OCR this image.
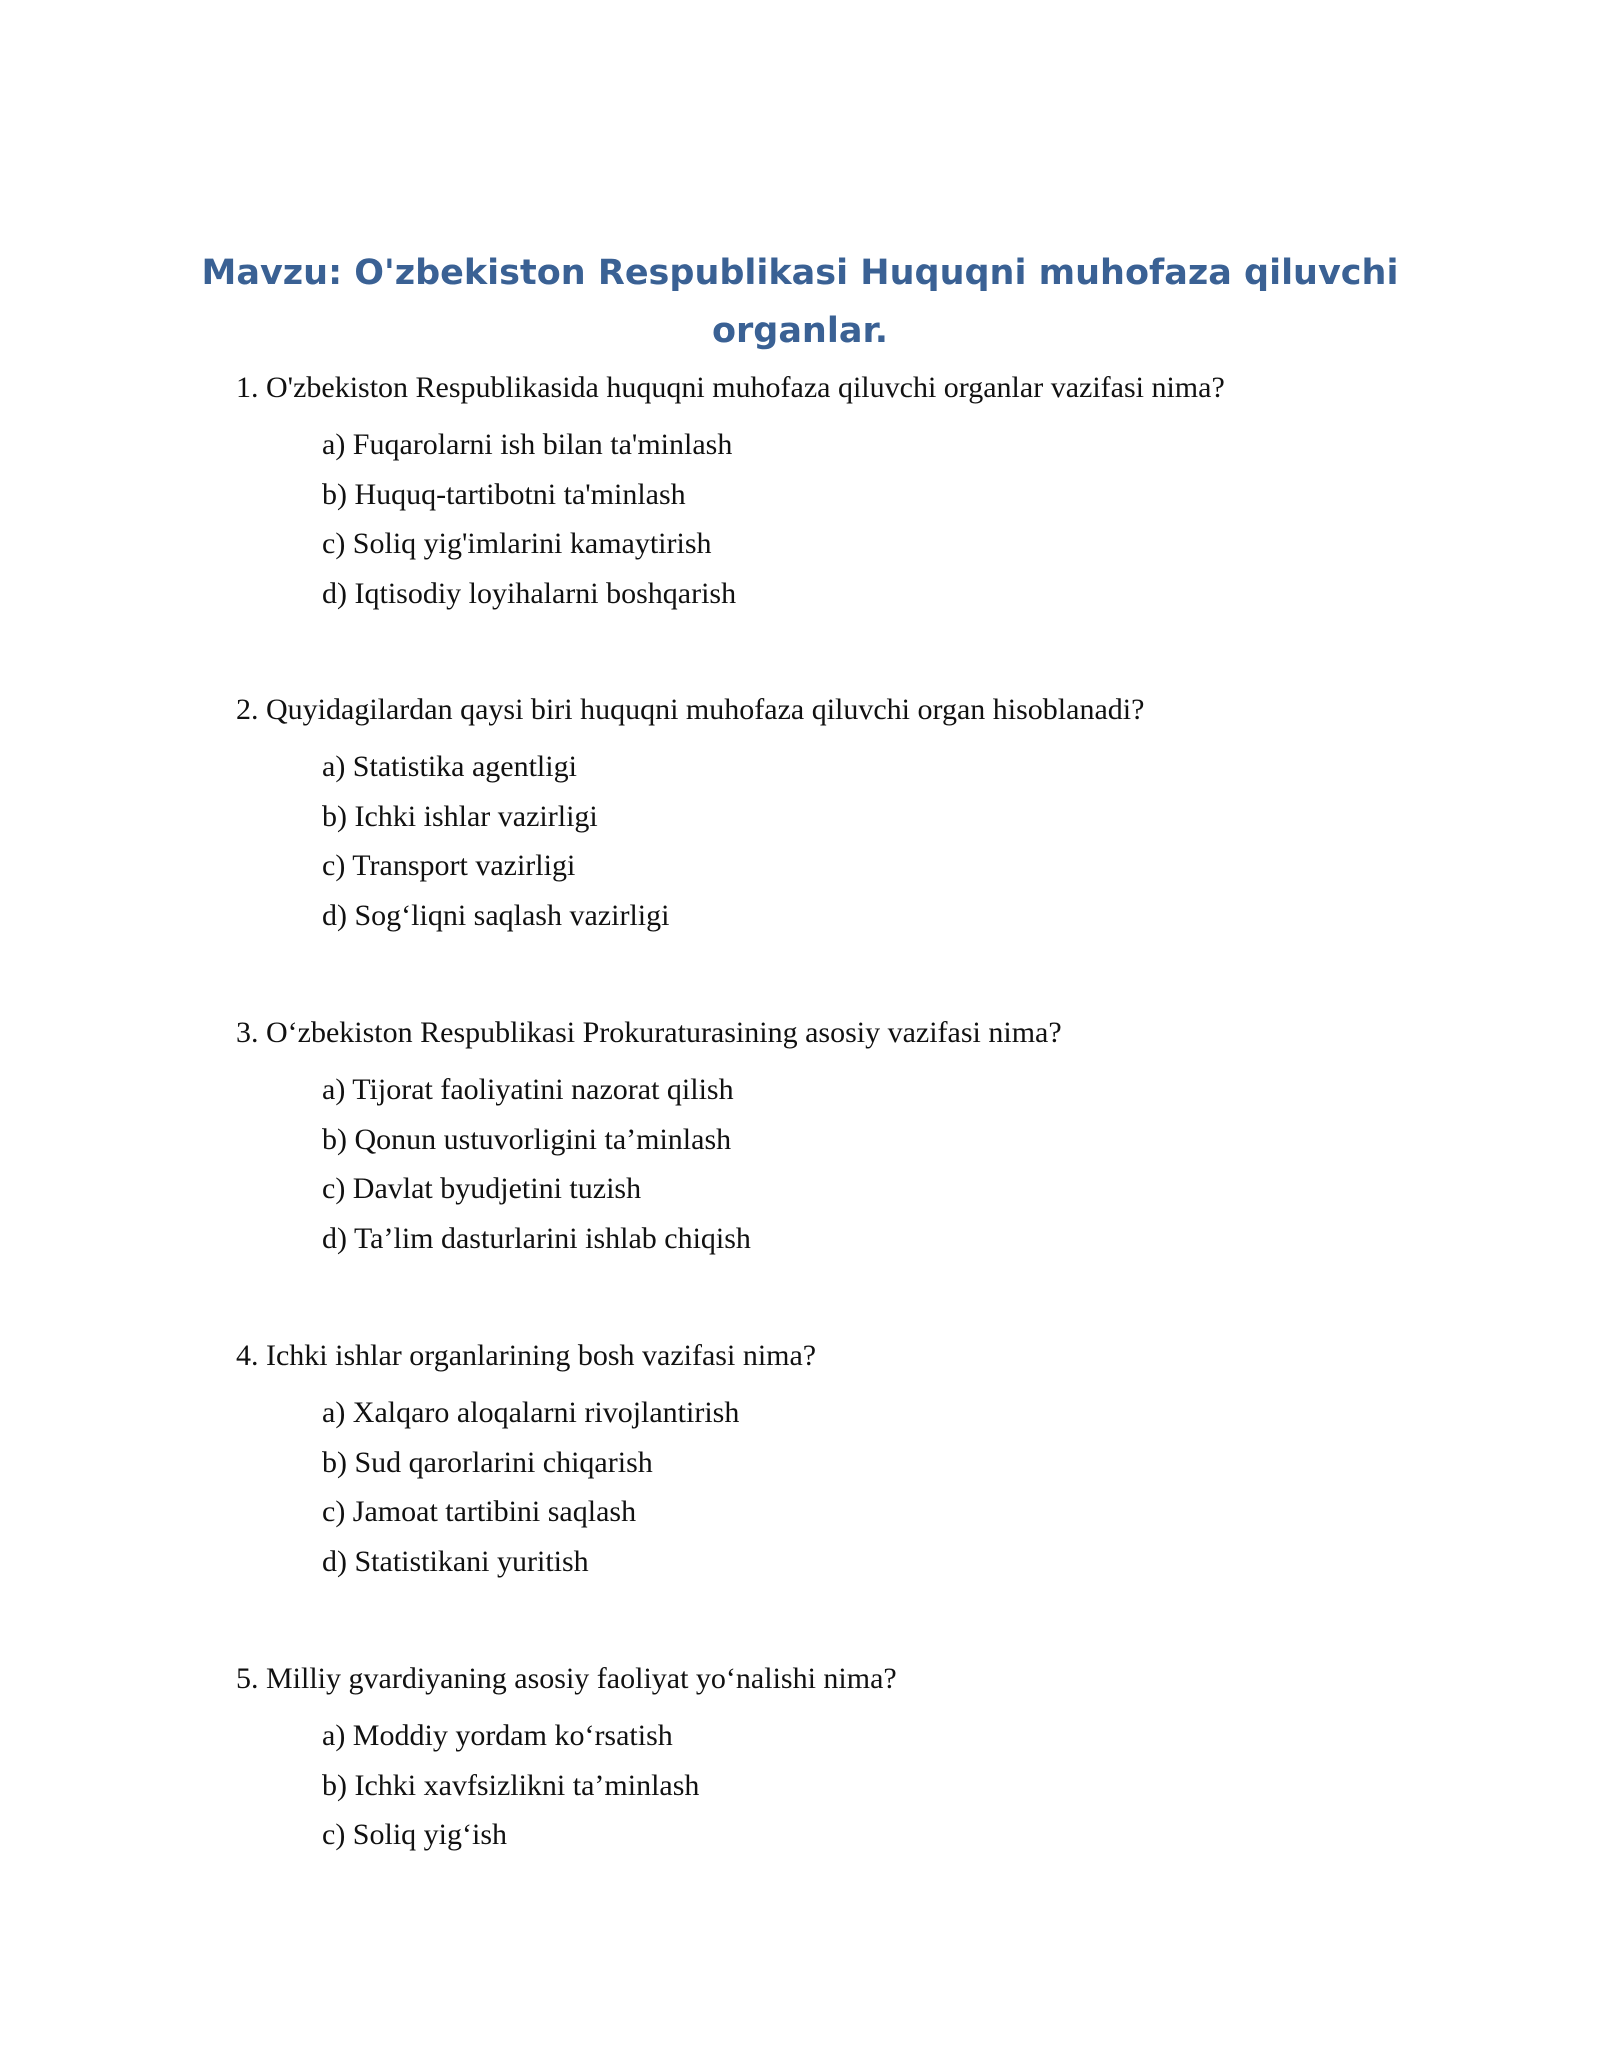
Mavzu: O'zbekiston Respublikasi Huquqni muhofaza qiluvchi
organlar.
1. O'zbekiston Respublikasida huquqni muhofaza qiluvchi organlar vazifasi nima?
a) Fuqarolarni ish bilan ta'minlash
b) Huquq-tartibotni ta'minlash
c) Soliq yig'imlarini kamaytirish
d) Iqtisodiy loyihalarni boshqarish
2. Quyidagilardan qaysi biri huquqni muhofaza qiluvchi organ hisoblanadi?
a) Statistika agentligi
b) Ichki ishlar vazirligi
c) Transport vazirligi
d) Sog‘liqni saqlash vazirligi
3. O‘zbekiston Respublikasi Prokuraturasining asosiy vazifasi nima?
a) Tijorat faoliyatini nazorat qilish
b) Qonun ustuvorligini ta’minlash
c) Davlat byudjetini tuzish
d) Ta’lim dasturlarini ishlab chiqish
4. Ichki ishlar organlarining bosh vazifasi nima?
a) Xalqaro aloqalarni rivojlantirish
b) Sud qarorlarini chiqarish
c) Jamoat tartibini saqlash
d) Statistikani yuritish
5. Milliy gvardiyaning asosiy faoliyat yo‘nalishi nima?
a) Moddiy yordam ko‘rsatish
b) Ichki xavfsizlikni ta’minlash
c) Soliq yig‘ish
